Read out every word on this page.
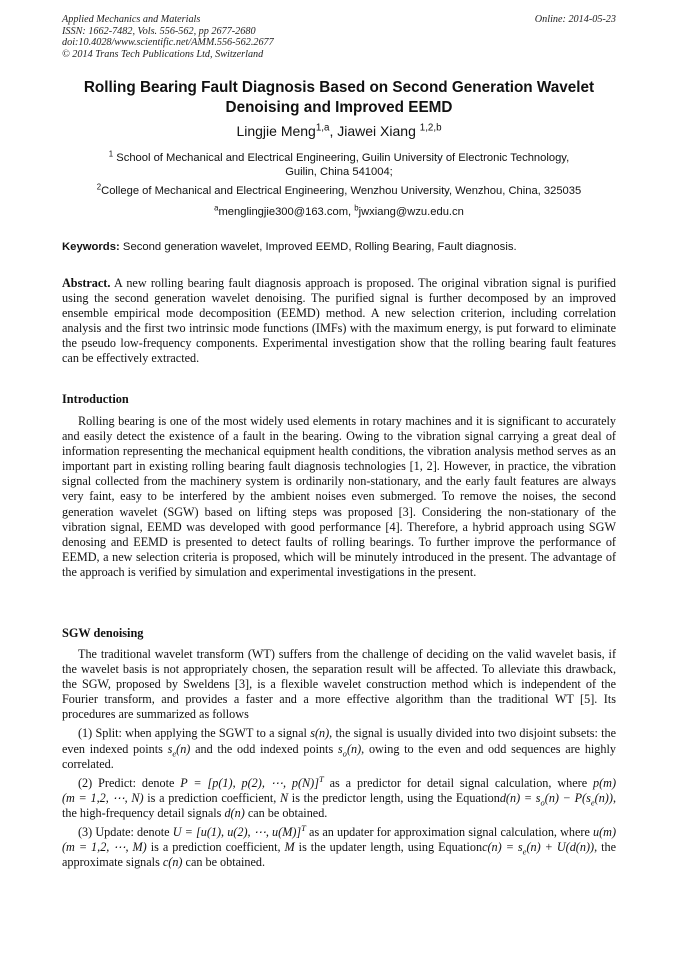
Applied Mechanics and Materials
ISSN: 1662-7482, Vols. 556-562, pp 2677-2680
doi:10.4028/www.scientific.net/AMM.556-562.2677
© 2014 Trans Tech Publications Ltd, Switzerland
Online: 2014-05-23
Rolling Bearing Fault Diagnosis Based on Second Generation Wavelet
Denoising and Improved EEMD
Lingjie Meng$^{1,a}$, Jiawei Xiang $^{1,2,b}$
$^1$ School of Mechanical and Electrical Engineering, Guilin University of Electronic Technology,
Guilin, China 541004;
$^2$College of Mechanical and Electrical Engineering, Wenzhou University, Wenzhou, China, 325035
$^a$menglingjie300@163.com, $^b$jwxiang@wzu.edu.cn
Keywords: Second generation wavelet, Improved EEMD, Rolling Bearing, Fault diagnosis.
Abstract. A new rolling bearing fault diagnosis approach is proposed. The original vibration signal is purified using the second generation wavelet denoising. The purified signal is further decomposed by an improved ensemble empirical mode decomposition (EEMD) method. A new selection criterion, including correlation analysis and the first two intrinsic mode functions (IMFs) with the maximum energy, is put forward to eliminate the pseudo low-frequency components. Experimental investigation show that the rolling bearing fault features can be effectively extracted.
Introduction

Rolling bearing is one of the most widely used elements in rotary machines and it is significant to accurately and easily detect the existence of a fault in the bearing. Owing to the vibration signal carrying a great deal of information representing the mechanical equipment health conditions, the vibration analysis method serves as an important part in existing rolling bearing fault diagnosis technologies [1, 2]. However, in practice, the vibration signal collected from the machinery system is ordinarily non-stationary, and the early fault features are always very faint, easy to be interfered by the ambient noises even submerged. To remove the noises, the second generation wavelet (SGW) based on lifting steps was proposed [3]. Considering the non-stationary of the vibration signal, EEMD was developed with good performance [4]. Therefore, a hybrid approach using SGW denosing and EEMD is presented to detect faults of rolling bearings. To further improve the performance of EEMD, a new selection criteria is proposed, which will be minutely introduced in the present. The advantage of the approach is verified by simulation and experimental investigations in the present.

SGW denoising

The traditional wavelet transform (WT) suffers from the challenge of deciding on the valid wavelet basis, if the wavelet basis is not appropriately chosen, the separation result will be affected. To alleviate this drawback, the SGW, proposed by Sweldens [3], is a flexible wavelet construction method which is independent of the Fourier transform, and provides a faster and a more effective algorithm than the traditional WT [5]. Its procedures are summarized as follows

(1) Split: when applying the SGWT to a signal s(n), the signal is usually divided into two disjoint subsets: the even indexed points $s_e(n)$ and the odd indexed points $s_o(n)$, owing to the even and odd sequences are highly correlated.

(2) Predict: denote P = [p(1), p(2), ⋯, p(N)]$^T$ as a predictor for detail signal calculation, where p(m) (m = 1,2, ⋯, N) is a prediction coefficient, N is the predictor length, using the Equationd(n) = $s_o(n) - P(s_e(n))$, the high-frequency detail signals d(n) can be obtained.

(3) Update: denote U = [u(1), u(2), ⋯, u(M)]$^T$ as an updater for approximation signal calculation, where u(m) (m = 1,2, ⋯, M) is a prediction coefficient, M is the updater length, using Equationc(n) = $s_e(n) + U(d(n))$, the approximate signals c(n) can be obtained.
